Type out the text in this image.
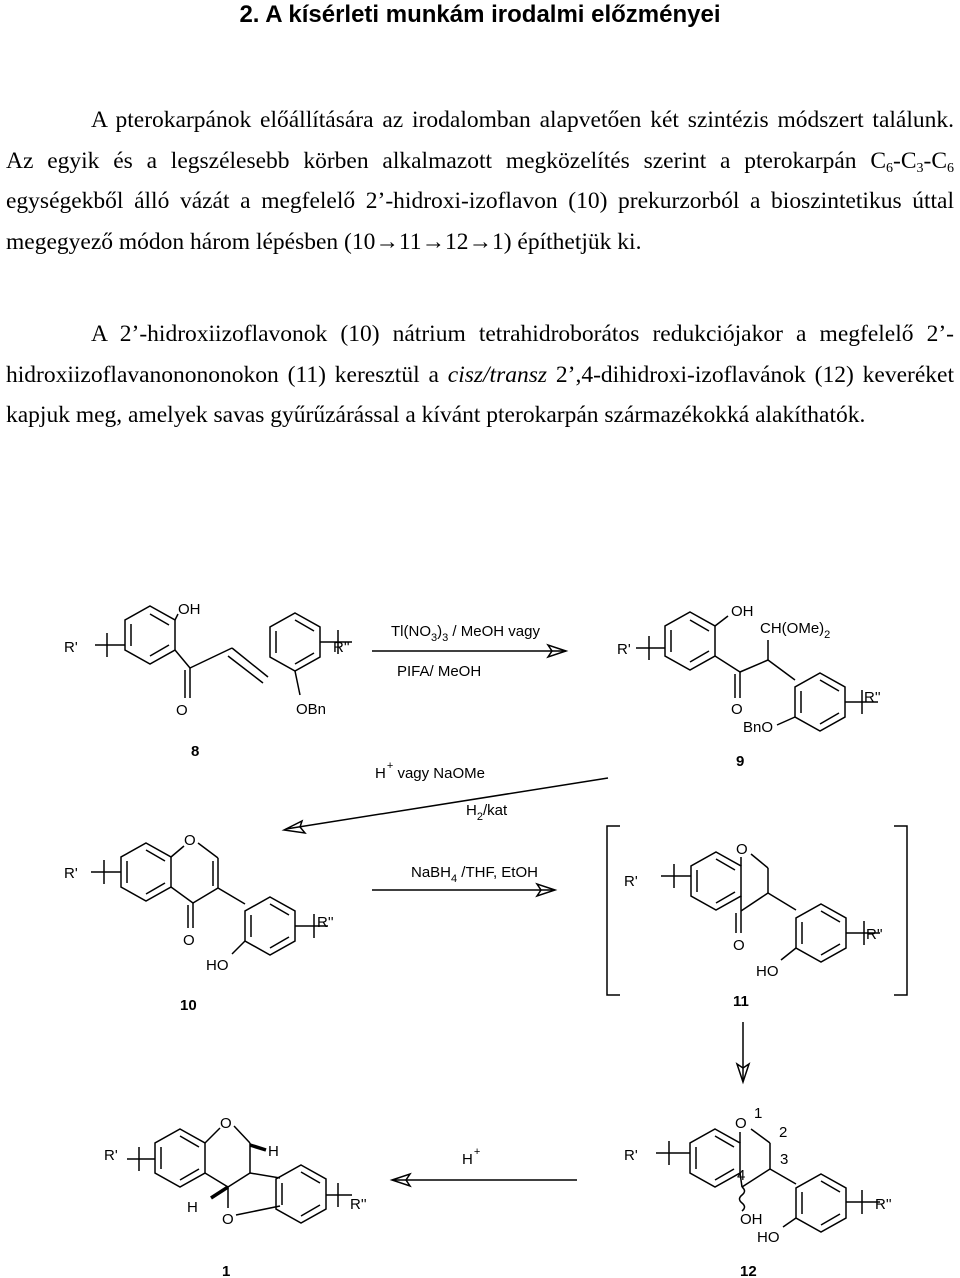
2. A kísérleti munkám irodalmi előzményei

A pterokarpánok előállítására az irodalomban alapvetően két szintézis módszert találunk. Az egyik és a legszélesebb körben alkalmazott megközelítés szerint a pterokarpán $C_6-C_3-C_6$ egységekből álló vázát a megfelelő 2’-hidroxi-izoflavon (10) prekurzorból a bioszintetikus úttal megegyező módon három lépésben (10→11→12→1) építhetjük ki.

A 2’-hidroxiizoflavonok (10) nátrium tetrahidroborátos redukciójakor a megfelelő 2’-hidroxiizoflavanonononokon (11) keresztül a cisz/transz 2’,4-dihidroxi-izoflavánok (12) keveréket kapjuk meg, amelyek savas gyűrűzárással a kívánt pterokarpán származékokká alakíthatók.

R'
OH
O
R''
OBn
8
$Tl(NO_3)_3$ / MeOH vagy
PIFA/ MeOH
R'
OH
O
$CH(OMe)_2$
R''
BnO
9
H+ vagy NaOMe
$H_2$/kat
R'
O
O
R''
HO
10
NaBH$_4$ /THF, EtOH
R'
O
O
R''
HO
11
R'
O
H
H
O
R''
1
H+	R'
O
1
2
3
4
OH
R''
HO
12
